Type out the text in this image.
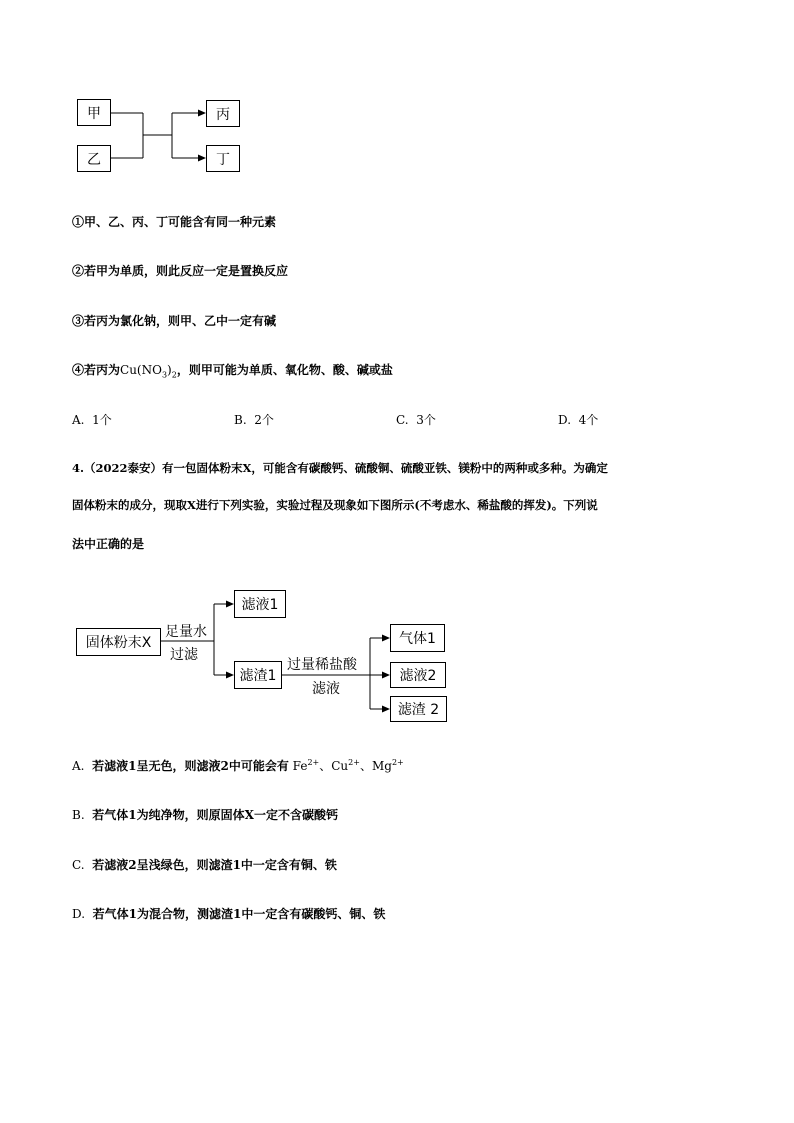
甲
乙
丙
丁
①甲、乙、丙、丁可能含有同一种元素
②若甲为单质，则此反应一定是置换反应
③若丙为氯化钠，则甲、乙中一定有碱
④若丙为$Cu(NO_3)_2$，则甲可能为单质、氧化物、酸、碱或盐
A. 1个	B. 2个	C. 3个	D. 4个
4.（2022泰安）有一包固体粉末X，可能含有碳酸钙、硫酸铜、硫酸亚铁、镁粉中的两种或多种。为确定
固体粉末的成分，现取X进行下列实验，实验过程及现象如下图所示(不考虑水、稀盐酸的挥发)。下列说
法中正确的是
固体粉末X
足量水
过滤
滤液1
滤渣1
过量稀盐酸
滤液
气体1
滤液2
滤渣 2
A. 若滤液1呈无色，则滤液2中可能会有 $Fe^{2+}$、$Cu^{2+}$、$Mg^{2+}$
B. 若气体1为纯净物，则原固体X一定不含碳酸钙
C. 若滤液2呈浅绿色，则滤渣1中一定含有铜、铁
D. 若气体1为混合物，测滤渣1中一定含有碳酸钙、铜、铁
